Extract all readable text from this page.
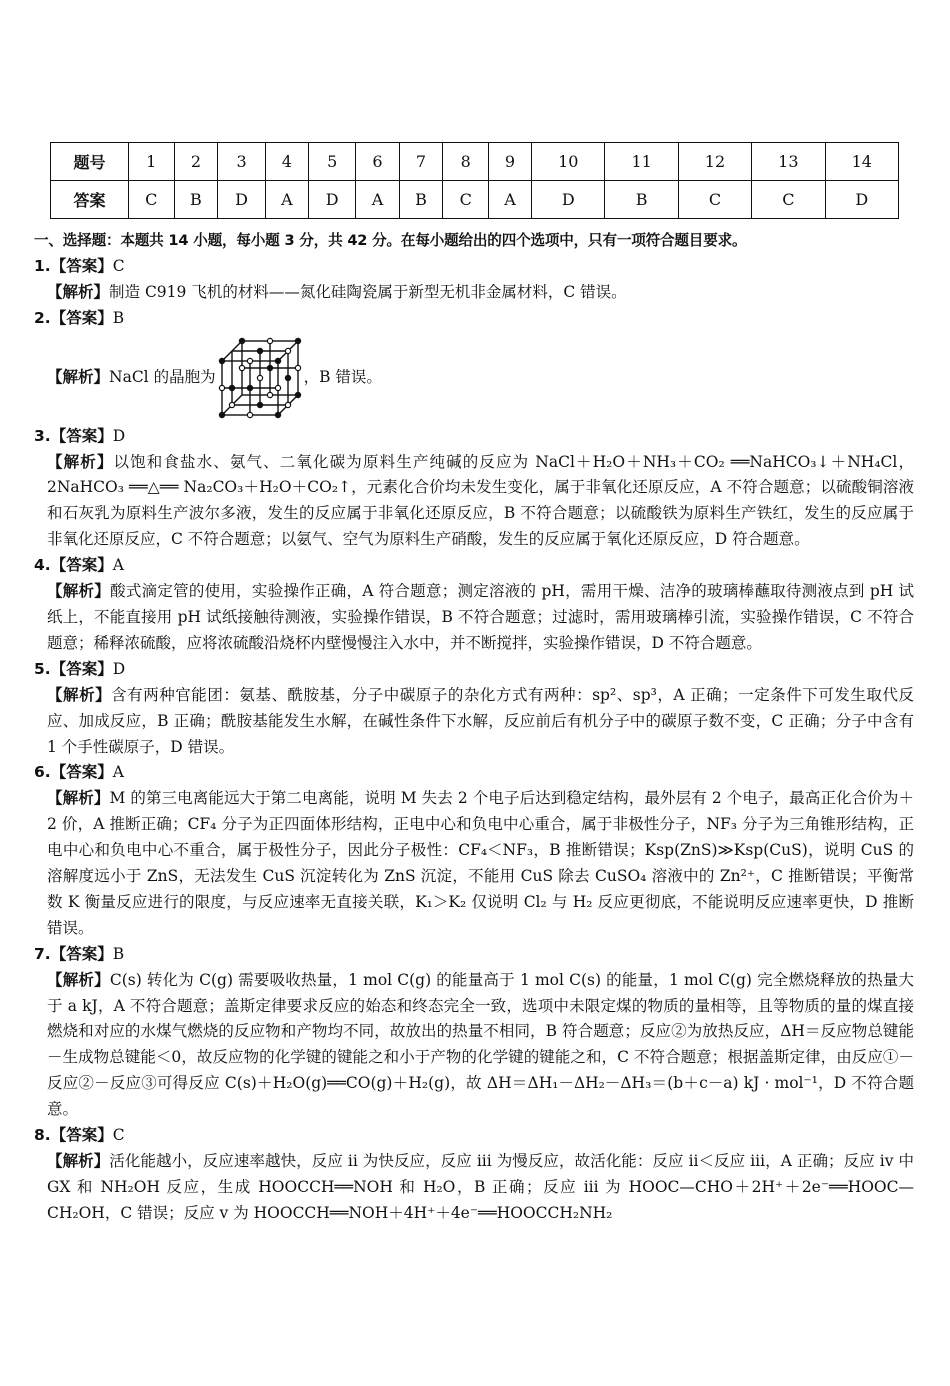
题号	1	2	3	4	5	6	7	8	9	10	11	12	13	14
答案	C	B	D	A	D	A	B	C	A	D	B	C	C	D
一、选择题：本题共 14 小题，每小题 3 分，共 42 分。在每小题给出的四个选项中，只有一项符合题目要求。
1.【答案】C
【解析】制造 C919 飞机的材料——氮化硅陶瓷属于新型无机非金属材料，C 错误。
2.【答案】B
【解析】 NaCl 的晶胞为	，B 错误。
3.【答案】D
【解析】以饱和食盐水、氨气、二氧化碳为原料生产纯碱的反应为 NaCl＋H₂O＋NH₃＋CO₂ ══NaHCO₃↓＋NH₄Cl，2NaHCO₃ ══△══ Na₂CO₃＋H₂O＋CO₂↑，元素化合价均未发生变化，属于非氧化还原反应，A 不符合题意；以硫酸铜溶液和石灰乳为原料生产波尔多液，发生的反应属于非氧化还原反应，B 不符合题意；以硫酸铁为原料生产铁红，发生的反应属于非氧化还原反应，C 不符合题意；以氨气、空气为原料生产硝酸，发生的反应属于氧化还原反应，D 符合题意。
4.【答案】A
【解析】酸式滴定管的使用，实验操作正确，A 符合题意；测定溶液的 pH，需用干燥、洁净的玻璃棒蘸取待测液点到 pH 试纸上，不能直接用 pH 试纸接触待测液，实验操作错误，B 不符合题意；过滤时，需用玻璃棒引流，实验操作错误，C 不符合题意；稀释浓硫酸，应将浓硫酸沿烧杯内壁慢慢注入水中，并不断搅拌，实验操作错误，D 不符合题意。
5.【答案】D
【解析】含有两种官能团：氨基、酰胺基，分子中碳原子的杂化方式有两种：sp²、sp³，A 正确；一定条件下可发生取代反应、加成反应，B 正确；酰胺基能发生水解，在碱性条件下水解，反应前后有机分子中的碳原子数不变，C 正确；分子中含有 1 个手性碳原子，D 错误。
6.【答案】A
【解析】M 的第三电离能远大于第二电离能，说明 M 失去 2 个电子后达到稳定结构，最外层有 2 个电子，最高正化合价为＋2 价，A 推断正确；CF₄ 分子为正四面体形结构，正电中心和负电中心重合，属于非极性分子，NF₃ 分子为三角锥形结构，正电中心和负电中心不重合，属于极性分子，因此分子极性：CF₄＜NF₃，B 推断错误；Ksp(ZnS)≫Ksp(CuS)，说明 CuS 的溶解度远小于 ZnS，无法发生 CuS 沉淀转化为 ZnS 沉淀，不能用 CuS 除去 CuSO₄ 溶液中的 Zn²⁺，C 推断错误；平衡常数 K 衡量反应进行的限度，与反应速率无直接关联，K₁＞K₂ 仅说明 Cl₂ 与 H₂ 反应更彻底，不能说明反应速率更快，D 推断错误。
7.【答案】B
【解析】C(s) 转化为 C(g) 需要吸收热量，1 mol C(g) 的能量高于 1 mol C(s) 的能量，1 mol C(g) 完全燃烧释放的热量大于 a kJ，A 不符合题意；盖斯定律要求反应的始态和终态完全一致，选项中未限定煤的物质的量相等，且等物质的量的煤直接燃烧和对应的水煤气燃烧的反应物和产物均不同，故放出的热量不相同，B 符合题意；反应②为放热反应，ΔH＝反应物总键能－生成物总键能＜0，故反应物的化学键的键能之和小于产物的化学键的键能之和，C 不符合题意；根据盖斯定律，由反应①－反应②－反应③可得反应 C(s)＋H₂O(g)══CO(g)＋H₂(g)，故 ΔH＝ΔH₁－ΔH₂－ΔH₃＝(b＋c－a) kJ · mol⁻¹，D 不符合题意。
8.【答案】C
【解析】活化能越小，反应速率越快，反应 ii 为快反应，反应 iii 为慢反应，故活化能：反应 ii＜反应 iii，A 正确；反应 iv 中 GX 和 NH₂OH 反应，生成 HOOCCH══NOH 和 H₂O，B 正确；反应 iii 为 HOOC—CHO＋2H⁺＋2e⁻══HOOC—CH₂OH，C 错误；反应 v 为 HOOCCH══NOH＋4H⁺＋4e⁻══HOOCCH₂NH₂
